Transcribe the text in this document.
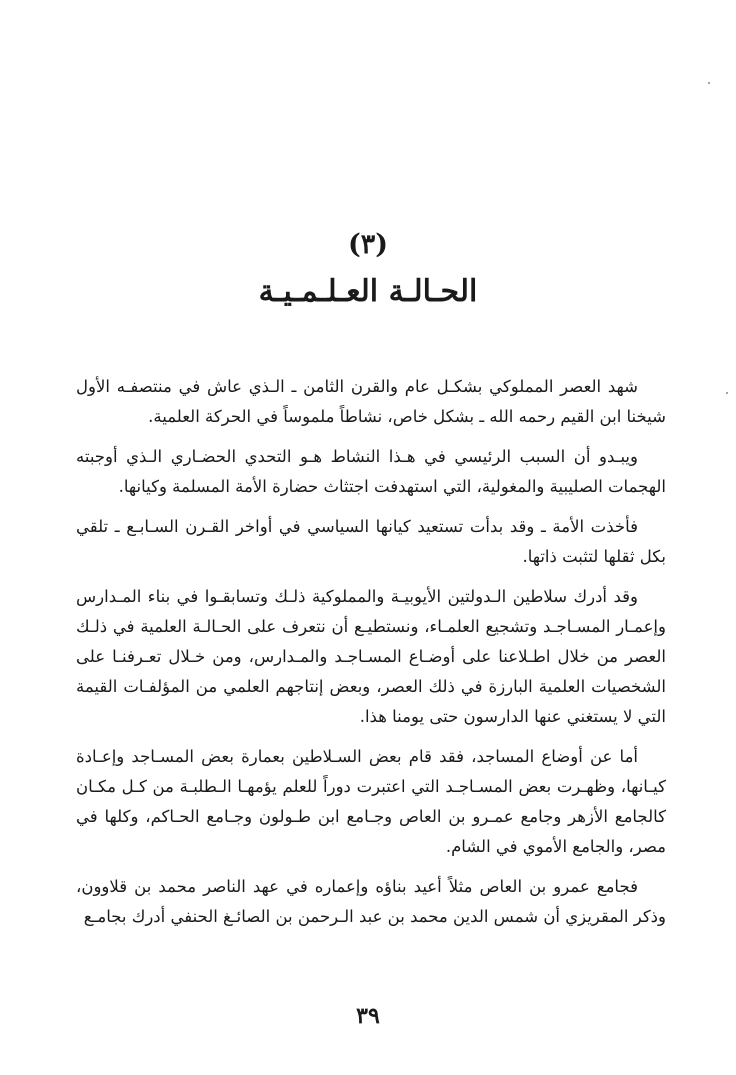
(٣)
الحـالـة العـلـمـيـة

شهد العصر المملوكي بشكـل عام والقرن الثامن ـ الـذي عاش في منتصفـه الأول شيخنا ابن القيم رحمه الله ـ بشكل خاص، نشاطاً ملموساً في الحركة العلمية.

ويبـدو أن السبب الرئيسي في هـذا النشاط هـو التحدي الحضـاري الـذي أوجبته الهجمات الصليبية والمغولية، التي استهدفت اجتثاث حضارة الأمة المسلمة وكيانها.

فأخذت الأمة ـ وقد بدأت تستعيد كيانها السياسي في أواخر القـرن السـابـع ـ تلقي بكل ثقلها لتثبت ذاتها.

وقد أدرك سلاطين الـدولتين الأيوبيـة والمملوكية ذلـك وتسابقـوا في بناء المـدارس وإعمـار المسـاجـد وتشجيع العلمـاء، ونستطيـع أن نتعرف على الحـالـة العلمية في ذلـك العصر من خلال اطـلاعنا على أوضـاع المسـاجـد والمـدارس، ومن خـلال تعـرفنـا على الشخصيات العلمية البارزة في ذلك العصر، وبعض إنتاجهم العلمي من المؤلفـات القيمة التي لا يستغني عنها الدارسون حتى يومنا هذا.

أما عن أوضاع المساجد، فقد قام بعض السـلاطين بعمارة بعض المسـاجد وإعـادة كيـانها، وظهـرت بعض المسـاجـد التي اعتبرت دوراً للعلم يؤمهـا الـطلبـة من كـل مكـان كالجامع الأزهر وجامع عمـرو بن العاص وجـامع ابن طـولون وجـامع الحـاكم، وكلها في مصر، والجامع الأموي في الشام.

فجامع عمرو بن العاص مثلاً أعيد بناؤه وإعماره في عهد الناصر محمد بن قلاوون، وذكر المقريزي أن شمس الدين محمد بن عبد الـرحمن بن الصائـغ الحنفي أدرك بجامـع

٣٩
